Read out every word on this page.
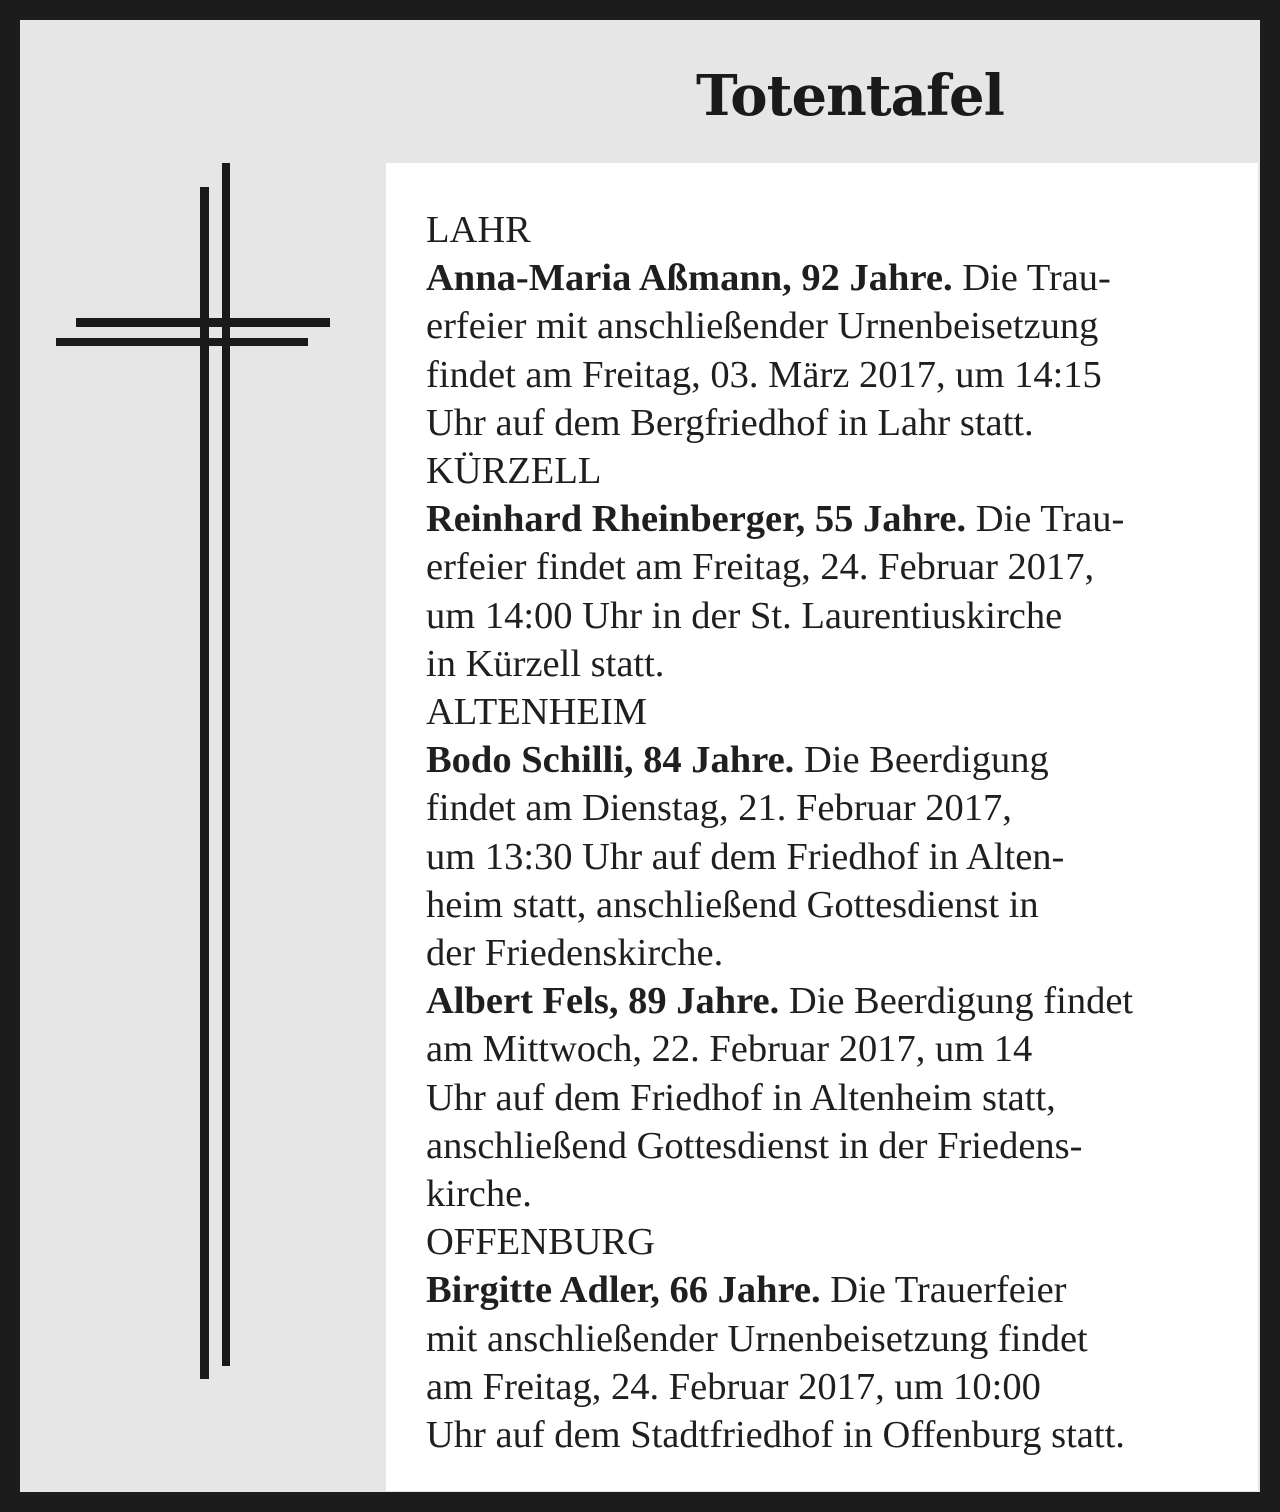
Totentafel
LAHR
Anna-Maria Aßmann, 92 Jahre. Die Trau-
erfeier mit anschließender Urnenbeisetzung
findet am Freitag, 03. März 2017, um 14:15
Uhr auf dem Bergfriedhof in Lahr statt.
KÜRZELL
Reinhard Rheinberger, 55 Jahre. Die Trau-
erfeier findet am Freitag, 24. Februar 2017,
um 14:00 Uhr in der St. Laurentiuskirche
in Kürzell statt.
ALTENHEIM
Bodo Schilli, 84 Jahre. Die Beerdigung
findet am Dienstag, 21. Februar 2017,
um 13:30 Uhr auf dem Friedhof in Alten-
heim statt, anschließend Gottesdienst in
der Friedenskirche.
Albert Fels, 89 Jahre. Die Beerdigung findet
am Mittwoch, 22. Februar 2017, um 14
Uhr auf dem Friedhof in Altenheim statt,
anschließend Gottesdienst in der Friedens-
kirche.
OFFENBURG
Birgitte Adler, 66 Jahre. Die Trauerfeier
mit anschließender Urnenbeisetzung findet
am Freitag, 24. Februar 2017, um 10:00
Uhr auf dem Stadtfriedhof in Offenburg statt.
